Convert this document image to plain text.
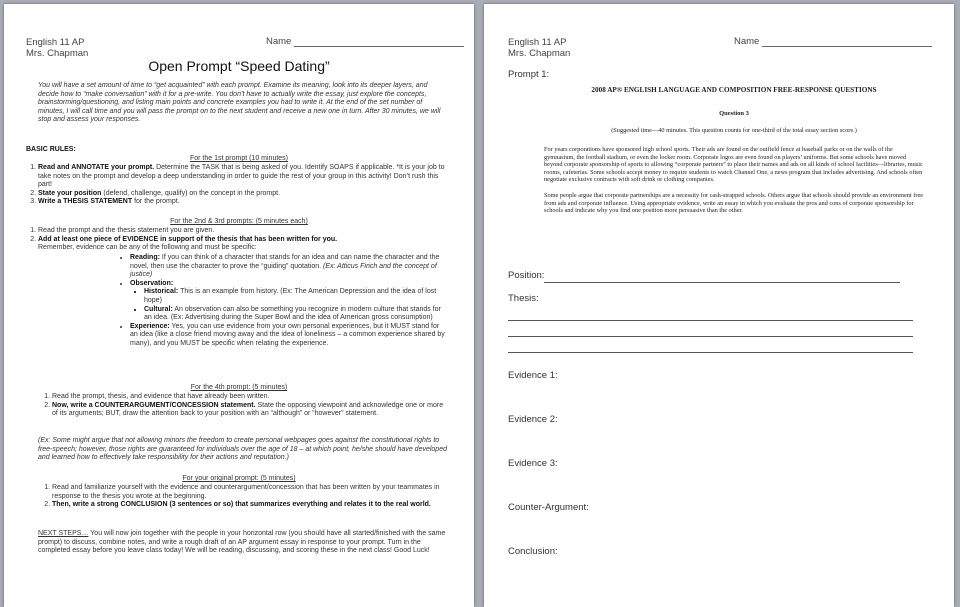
English 11 AP
Mrs. Chapman
Name
Open Prompt “Speed Dating”
You will have a set amount of time to “get acquainted” with each prompt. Examine its meaning, look into its deeper layers, and decide how to “make conversation” with it for a pre-write. You don’t have to actually write the essay, just explore the concepts, brainstorming/questioning, and listing main points and concrete examples you had to write it. At the end of the set number of minutes, I will call time and you will pass the prompt on to the next student and receive a new one in turn. After 30 minutes, we will stop and assess your responses.
BASIC RULES:
For the 1st prompt (10 minutes)
1. Read and ANNOTATE your prompt. Determine the TASK that is being asked of you. Identify SOAPS if applicable. *It is your job to take notes on the prompt and develop a deep understanding in order to guide the rest of your group in this activity! Don’t rush this part!
2. State your position (defend, challenge, qualify) on the concept in the prompt.
3. Write a THESIS STATEMENT for the prompt.
For the 2nd & 3rd prompts: (5 minutes each)
1. Read the prompt and the thesis statement you are given.
2. Add at least one piece of EVIDENCE in support of the thesis that has been written for you.
Remember, evidence can be any of the following and must be specific:
• Reading: If you can think of a character that stands for an idea and can name the character and the novel, then use the character to prove the “guiding” quotation. (Ex: Atticus Finch and the concept of justice)
• Observation:
▪ Historical: This is an example from history. (Ex: The American Depression and the idea of lost hope)
▪ Cultural: An observation can also be something you recognize in modern culture that stands for an idea. (Ex: Advertising during the Super Bowl and the idea of American gross consumption)
• Experience: Yes, you can use evidence from your own personal experiences, but it MUST stand for an idea (like a close friend moving away and the idea of loneliness – a common experience shared by many), and you MUST be specific when relating the experience.
For the 4th prompt: (5 minutes)
1. Read the prompt, thesis, and evidence that have already been written.
2. Now, write a COUNTERARGUMENT/CONCESSION statement. State the opposing viewpoint and acknowledge one or more of its arguments; BUT, draw the attention back to your position with an “although” or “however” statement.
(Ex: Some might argue that not allowing minors the freedom to create personal webpages goes against the constitutional rights to free-speech; however, those rights are guaranteed for individuals over the age of 18 – at which point, he/she should have developed and learned how to effectively take responsibility for their actions and reputation.)
For your original prompt: (5 minutes)
1. Read and familiarize yourself with the evidence and counterargument/concession that has been written by your teammates in response to the thesis you wrote at the beginning.
2. Then, write a strong CONCLUSION (3 sentences or so) that summarizes everything and relates it to the real world.
NEXT STEPS… You will now join together with the people in your horizontal row (you should have all started/finished with the same prompt) to discuss, combine notes, and write a rough draft of an AP argument essay in response to your prompt. Turn in the completed essay before you leave class today! We will be reading, discussing, and scoring these in the next class! Good Luck!
English 11 AP
Mrs. Chapman
Name
Prompt 1:
2008 AP® ENGLISH LANGUAGE AND COMPOSITION FREE-RESPONSE QUESTIONS
Question 3
(Suggested time—40 minutes. This question counts for one-third of the total essay section score.)
For years corporations have sponsored high school sports. Their ads are found on the outfield fence at baseball parks or on the walls of the gymnasium, the football stadium, or even the locker room. Corporate logos are even found on players’ uniforms. But some schools have moved beyond corporate sponsorship of sports to allowing “corporate partners” to place their names and ads on all kinds of school facilities—libraries, music rooms, cafeterias. Some schools accept money to require students to watch Channel One, a news program that includes advertising. And schools often negotiate exclusive contracts with soft drink or clothing companies.
Some people argue that corporate partnerships are a necessity for cash-strapped schools. Others argue that schools should provide an environment free from ads and corporate influence. Using appropriate evidence, write an essay in which you evaluate the pros and cons of corporate sponsorship for schools and indicate why you find one position more persuasive than the other.
Position:
Thesis:
Evidence 1:
Evidence 2:
Evidence 3:
Counter-Argument:
Conclusion:
